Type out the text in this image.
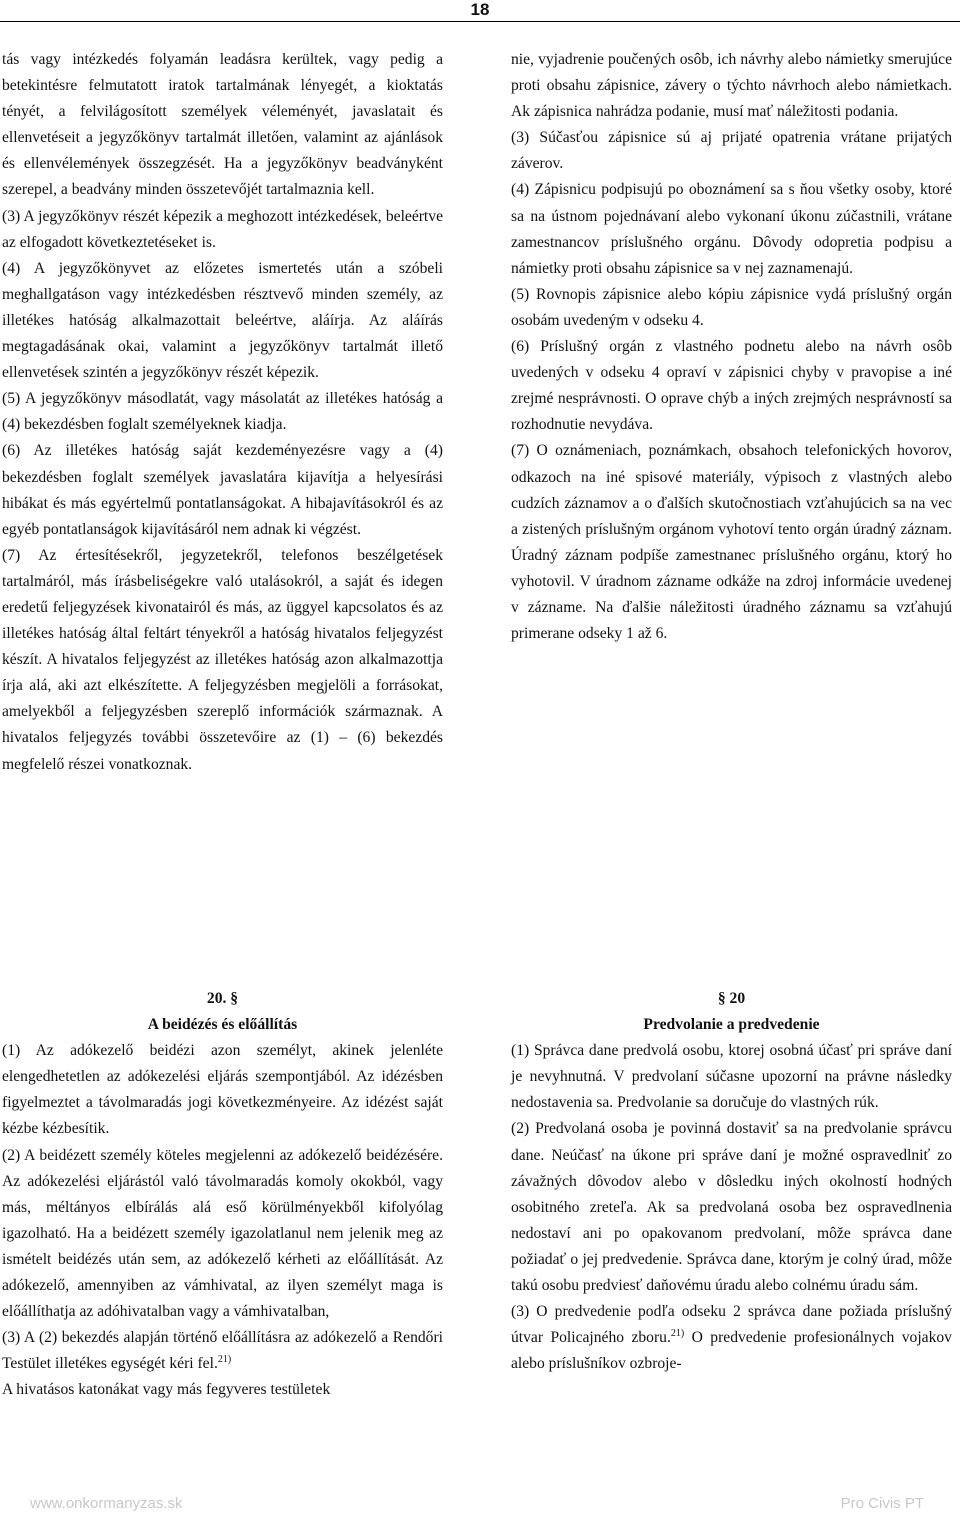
18

tás vagy intézkedés folyamán leadásra kerültek, vagy pedig a betekintésre felmutatott iratok tartalmának lényegét, a kioktatás tényét, a felvilágosított személyek véleményét, javaslatait és ellenvetéseit a jegyzőkönyv tartalmát illetően, valamint az ajánlások és ellenvélemények összegzését. Ha a jegyzőkönyv beadványként szerepel, a beadvány minden összetevőjét tartalmaznia kell.

(3) A jegyzőkönyv részét képezik a meghozott intézkedések, beleértve az elfogadott következtetéseket is.

(4) A jegyzőkönyvet az előzetes ismertetés után a szóbeli meghallgatáson vagy intézkedésben résztvevő minden személy, az illetékes hatóság alkalmazottait beleértve, aláírja. Az aláírás megtagadásának okai, valamint a jegyzőkönyv tartalmát illető ellenvetések szintén a jegyzőkönyv részét képezik.

(5) A jegyzőkönyv másodlatát, vagy másolatát az illetékes hatóság a (4) bekezdésben foglalt személyeknek kiadja.

(6) Az illetékes hatóság saját kezdeményezésre vagy a (4) bekezdésben foglalt személyek javaslatára kijavítja a helyesírási hibákat és más egyértelmű pontatlanságokat. A hibajavításokról és az egyéb pontatlanságok kijavításáról nem adnak ki végzést.

(7) Az értesítésekről, jegyzetekről, telefonos beszélgetések tartalmáról, más írásbeliségekre való utalásokról, a saját és idegen eredetű feljegyzések kivonatairól és más, az üggyel kapcsolatos és az illetékes hatóság által feltárt tényekről a hatóság hivatalos feljegyzést készít. A hivatalos feljegyzést az illetékes hatóság azon alkalmazottja írja alá, aki azt elkészítette. A feljegyzésben megjelöli a forrásokat, amelyekből a feljegyzésben szereplő információk származnak. A hivatalos feljegyzés további összetevőire az (1) – (6) bekezdés megfelelő részei vonatkoznak.

nie, vyjadrenie poučených osôb, ich návrhy alebo námietky smerujúce proti obsahu zápisnice, závery o týchto návrhoch alebo námietkach. Ak zápisnica nahrádza podanie, musí mať náležitosti podania.

(3) Súčasťou zápisnice sú aj prijaté opatrenia vrátane prijatých záverov.

(4) Zápisnicu podpisujú po oboznámení sa s ňou všetky osoby, ktoré sa na ústnom pojednávaní alebo vykonaní úkonu zúčastnili, vrátane zamestnancov príslušného orgánu. Dôvody odopretia podpisu a námietky proti obsahu zápisnice sa v nej zaznamenajú.

(5) Rovnopis zápisnice alebo kópiu zápisnice vydá príslušný orgán osobám uvedeným v odseku 4.

(6) Príslušný orgán z vlastného podnetu alebo na návrh osôb uvedených v odseku 4 opraví v zápisnici chyby v pravopise a iné zrejmé nesprávnosti. O oprave chýb a iných zrejmých nesprávností sa rozhodnutie nevydáva.

(7) O oznámeniach, poznámkach, obsahoch telefonických hovorov, odkazoch na iné spisové materiály, výpisoch z vlastných alebo cudzích záznamov a o ďalších skutočnostiach vzťahujúcich sa na vec a zistených príslušným orgánom vyhotoví tento orgán úradný záznam. Úradný záznam podpíše zamestnanec príslušného orgánu, ktorý ho vyhotovil. V úradnom zázname odkáže na zdroj informácie uvedenej v zázname. Na ďalšie náležitosti úradného záznamu sa vzťahujú primerane odseky 1 až 6.

20. §

A beidézés és előállítás

(1) Az adókezelő beidézi azon személyt, akinek jelenléte elengedhetetlen az adókezelési eljárás szempontjából. Az idézésben figyelmeztet a távolmaradás jogi következményeire. Az idézést saját kézbe kézbesítik.

(2) A beidézett személy köteles megjelenni az adókezelő beidézésére. Az adókezelési eljárástól való távolmaradás komoly okokból, vagy más, méltányos elbírálás alá eső körülményekből kifolyólag igazolható. Ha a beidézett személy igazolatlanul nem jelenik meg az ismételt beidézés után sem, az adókezelő kérheti az előállítását. Az adókezelő, amennyiben az vámhivatal, az ilyen személyt maga is előállíthatja az adóhivatalban vagy a vámhivatalban,

(3) A (2) bekezdés alapján történő előállításra az adókezelő a Rendőri Testület illetékes egységét kéri fel.$^{21)}$

A hivatásos katonákat vagy más fegyveres testületek

§ 20

Predvolanie a predvedenie

(1) Správca dane predvolá osobu, ktorej osobná účasť pri správe daní je nevyhnutná. V predvolaní súčasne upozorní na právne následky nedostavenia sa. Predvolanie sa doručuje do vlastných rúk.

(2) Predvolaná osoba je povinná dostaviť sa na predvolanie správcu dane. Neúčasť na úkone pri správe daní je možné ospravedlniť zo závažných dôvodov alebo v dôsledku iných okolností hodných osobitného zreteľa. Ak sa predvolaná osoba bez ospravedlnenia nedostaví ani po opakovanom predvolaní, môže správca dane požiadať o jej predvedenie. Správca dane, ktorým je colný úrad, môže takú osobu predviesť daňovému úradu alebo colnému úradu sám.

(3) O predvedenie podľa odseku 2 správca dane požiada príslušný útvar Policajného zboru.$^{21)}$ O predvedenie profesionálnych vojakov alebo príslušníkov ozbroje-

www.onkormanyzas.sk	Pro Civis PT
